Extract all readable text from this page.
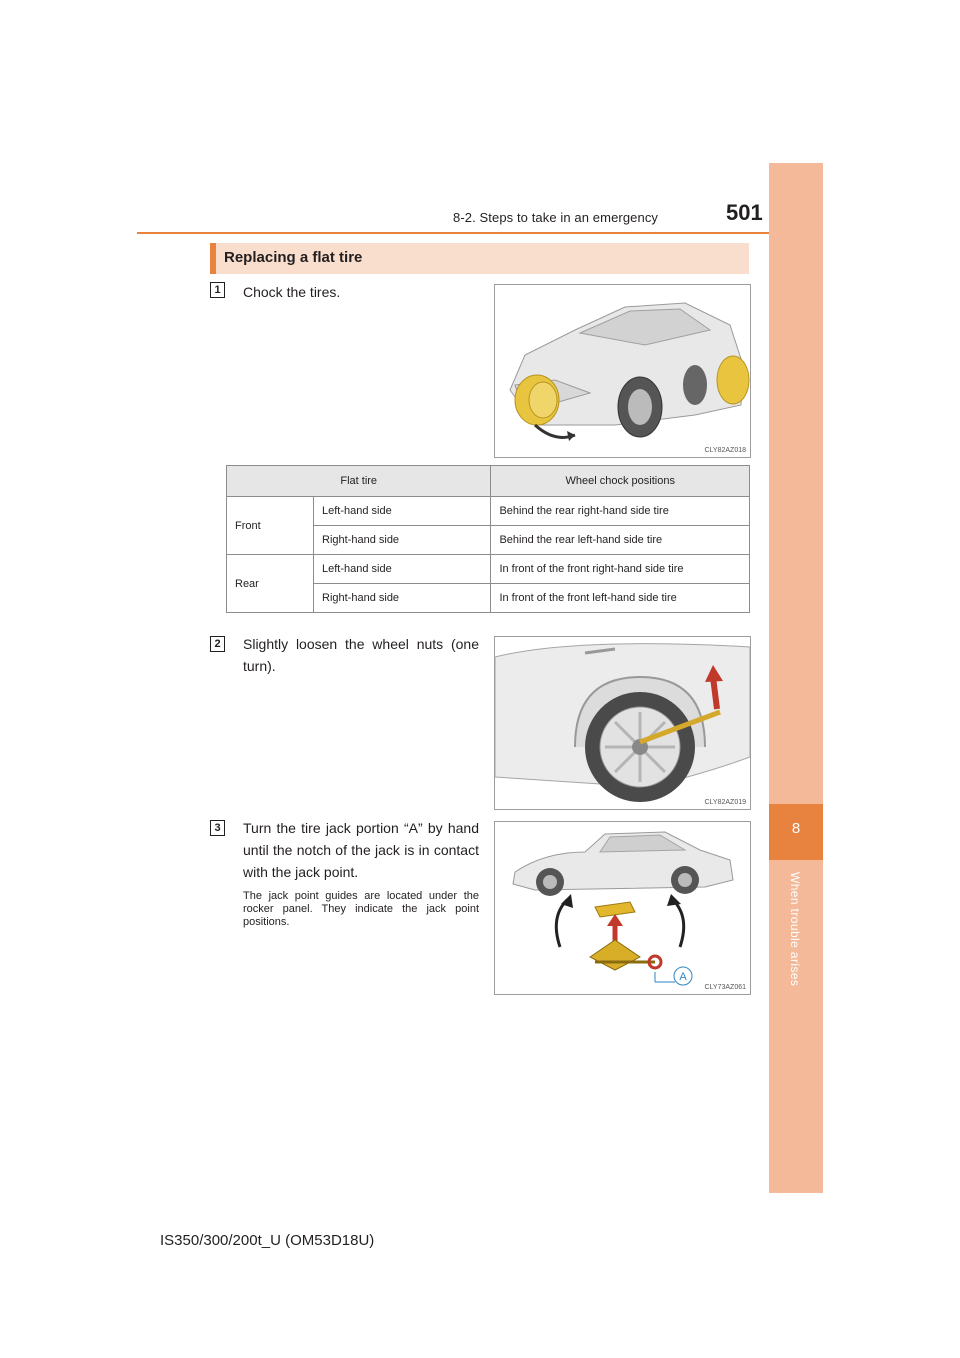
8-2. Steps to take in an emergency	501
8
When trouble arises
Replacing a flat tire
1	Chock the tires.
CLY82AZ018
Flat tire		Wheel chock positions
Front	Left-hand side	Behind the rear right-hand side tire
	Right-hand side	Behind the rear left-hand side tire
Rear	Left-hand side	In front of the front right-hand side tire
	Right-hand side	In front of the front left-hand side tire
2	Slightly loosen the wheel nuts (one turn).
CLY82AZ019
3	Turn the tire jack portion “A” by hand until the notch of the jack is in contact with the jack point.
The jack point guides are located under the rocker panel. They indicate the jack point positions.
A
CLY73AZ061
IS350/300/200t_U (OM53D18U)
